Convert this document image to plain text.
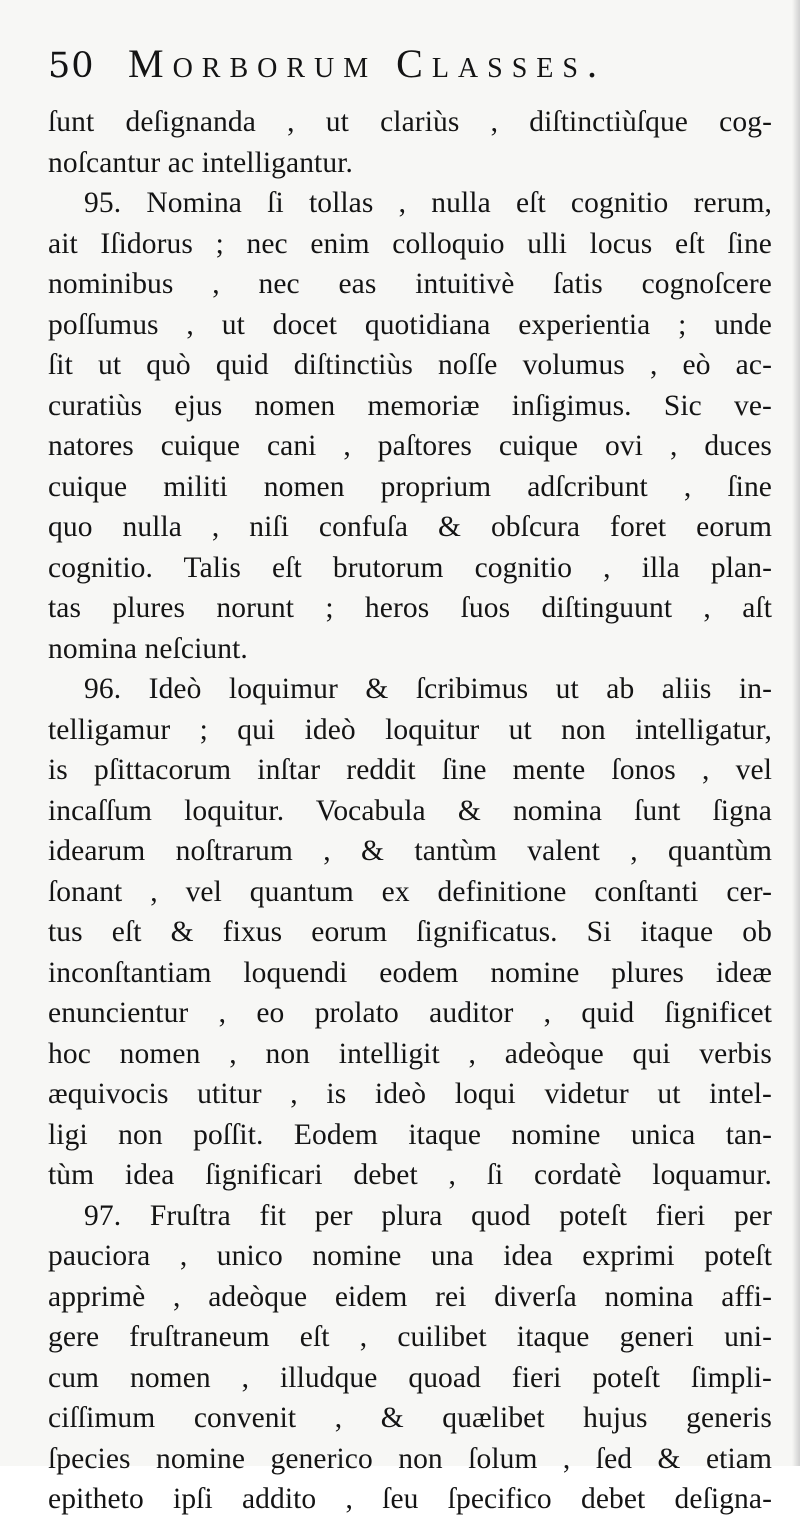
50 Morborum Classes.
ſunt deſignanda , ut clariùs , diſtinctiùſque cog-
noſcantur ac intelligantur.
95. Nomina ſi tollas , nulla eſt cognitio rerum,
ait Iſidorus ; nec enim colloquio ulli locus eſt ſine
nominibus , nec eas intuitivè ſatis cognoſcere
poſſumus , ut docet quotidiana experientia ; unde
ſit ut quò quid diſtinctiùs noſſe volumus , eò ac-
curatiùs ejus nomen memoriæ inſigimus. Sic ve-
natores cuique cani , paſtores cuique ovi , duces
cuique militi nomen proprium adſcribunt , ſine
quo nulla , niſi confuſa & obſcura foret eorum
cognitio. Talis eſt brutorum cognitio , illa plan-
tas plures norunt ; heros ſuos diſtinguunt , aſt
nomina neſciunt.
96. Ideò loquimur & ſcribimus ut ab aliis in-
telligamur ; qui ideò loquitur ut non intelligatur,
is pſittacorum inſtar reddit ſine mente ſonos , vel
incaſſum loquitur. Vocabula & nomina ſunt ſigna
idearum noſtrarum , & tantùm valent , quantùm
ſonant , vel quantum ex definitione conſtanti cer-
tus eſt & fixus eorum ſignificatus. Si itaque ob
inconſtantiam loquendi eodem nomine plures ideæ
enuncientur , eo prolato auditor , quid ſignificet
hoc nomen , non intelligit , adeòque qui verbis
æquivocis utitur , is ideò loqui videtur ut intel-
ligi non poſſit. Eodem itaque nomine unica tan-
tùm idea ſignificari debet , ſi cordatè loquamur.
97. Fruſtra fit per plura quod poteſt fieri per
pauciora , unico nomine una idea exprimi poteſt
apprimè , adeòque eidem rei diverſa nomina affi-
gere fruſtraneum eſt , cuilibet itaque generi uni-
cum nomen , illudque quoad fieri poteſt ſimpli-
ciſſimum convenit , & quælibet hujus generis
ſpecies nomine generico non ſolum , ſed & etiam
epitheto ipſi addito , ſeu ſpecifico debet deſigna-
